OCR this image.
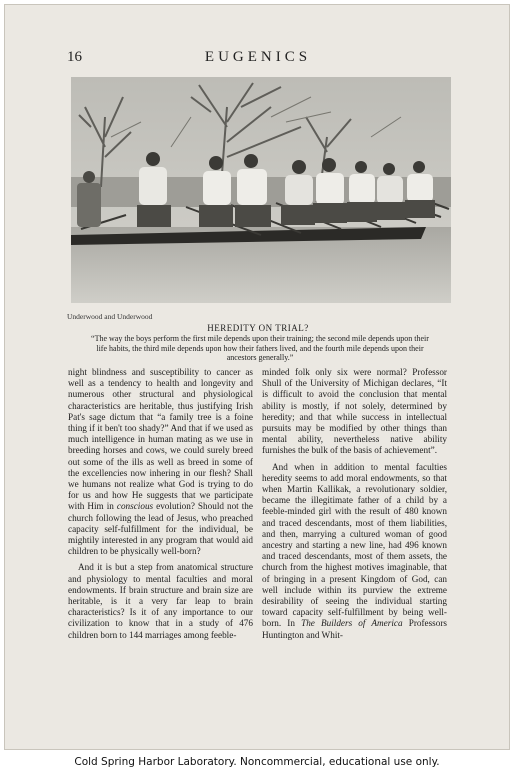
16	EUGENICS
Underwood and Underwood
HEREDITY ON TRIAL?
“The way the boys perform the first mile depends upon their training; the second mile depends upon their life habits, the third mile depends upon how their fathers lived, and the fourth mile depends upon their ancestors generally.”

night blindness and susceptibility to cancer as well as a tendency to health and longevity and numerous other structural and physiological characteristics are heritable, thus justifying Irish Pat's sage dictum that “a family tree is a foine thing if it ben't too shady?” And that if we used as much intelligence in human mating as we use in breeding horses and cows, we could surely breed out some of the ills as well as breed in some of the excellencies now inhering in our flesh? Shall we humans not realize what God is trying to do for us and how He suggests that we participate with Him in conscious evolution? Should not the church following the lead of Jesus, who preached capacity self-fulfillment for the individual, be mightily interested in any program that would aid children to be physically well-born?

And it is but a step from anatomical structure and physiology to mental faculties and moral endowments. If brain structure and brain size are heritable, is it a very far leap to brain characteristics? Is it of any importance to our civilization to know that in a study of 476 children born to 144 marriages among feeble-

minded folk only six were normal? Professor Shull of the University of Michigan declares, “It is difficult to avoid the conclusion that mental ability is mostly, if not solely, determined by heredity; and that while success in intellectual pursuits may be modified by other things than mental ability, nevertheless native ability furnishes the bulk of the basis of achievement”.

And when in addition to mental faculties heredity seems to add moral endowments, so that when Martin Kallikak, a revolutionary soldier, became the illegitimate father of a child by a feeble-minded girl with the result of 480 known and traced descendants, most of them liabilities, and then, marrying a cultured woman of good ancestry and starting a new line, had 496 known and traced descendants, most of them assets, the church from the highest motives imaginable, that of bringing in a present Kingdom of God, can well include within its purview the extreme desirability of seeing the individual starting toward capacity self-fulfillment by being well-born. In The Builders of America Professors Huntington and Whit-

Cold Spring Harbor Laboratory. Noncommercial, educational use only.
